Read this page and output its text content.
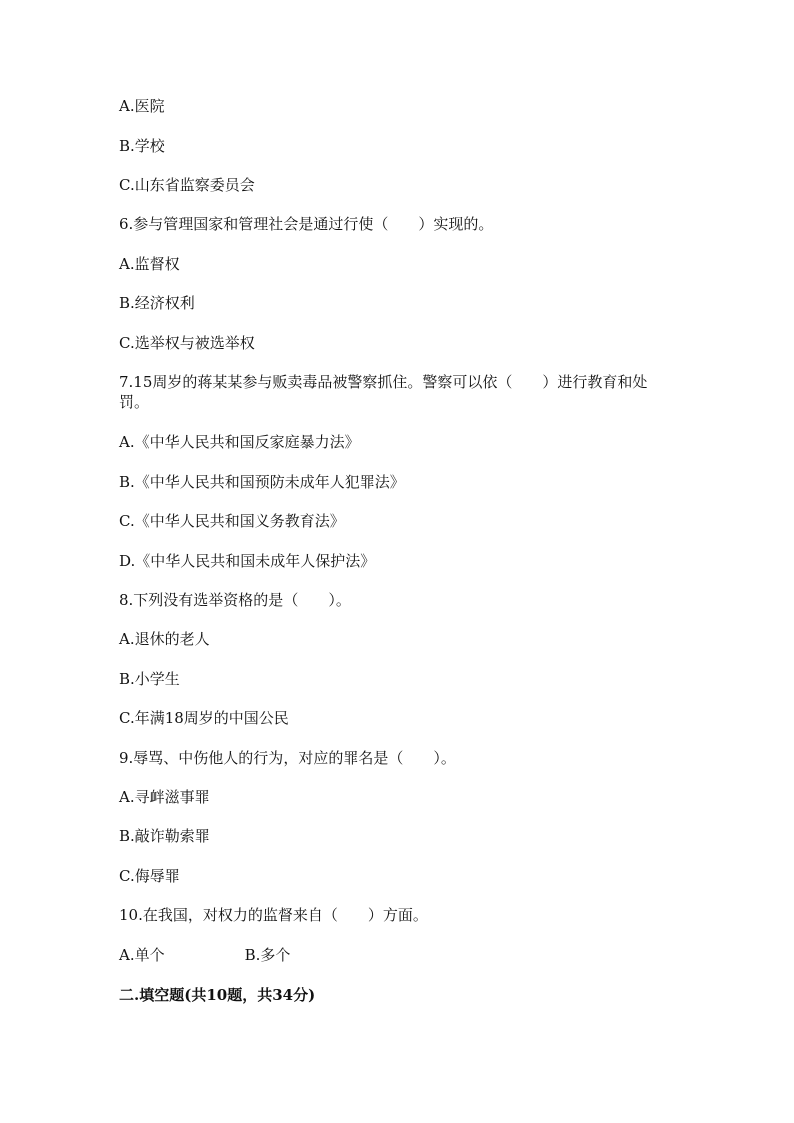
A.医院
B.学校
C.山东省监察委员会
6.参与管理国家和管理社会是通过行使（　　）实现的。
A.监督权
B.经济权利
C.选举权与被选举权
7.15周岁的蒋某某参与贩卖毒品被警察抓住。警察可以依（　　）进行教育和处罚。
A.《中华人民共和国反家庭暴力法》
B.《中华人民共和国预防未成年人犯罪法》
C.《中华人民共和国义务教育法》
D.《中华人民共和国未成年人保护法》
8.下列没有选举资格的是（　　）。
A.退休的老人
B.小学生
C.年满18周岁的中国公民
9.辱骂、中伤他人的行为，对应的罪名是（　　）。
A.寻衅滋事罪
B.敲诈勒索罪
C.侮辱罪
10.在我国，对权力的监督来自（　　）方面。
A.单个	B.多个
二.填空题(共10题，共34分)
